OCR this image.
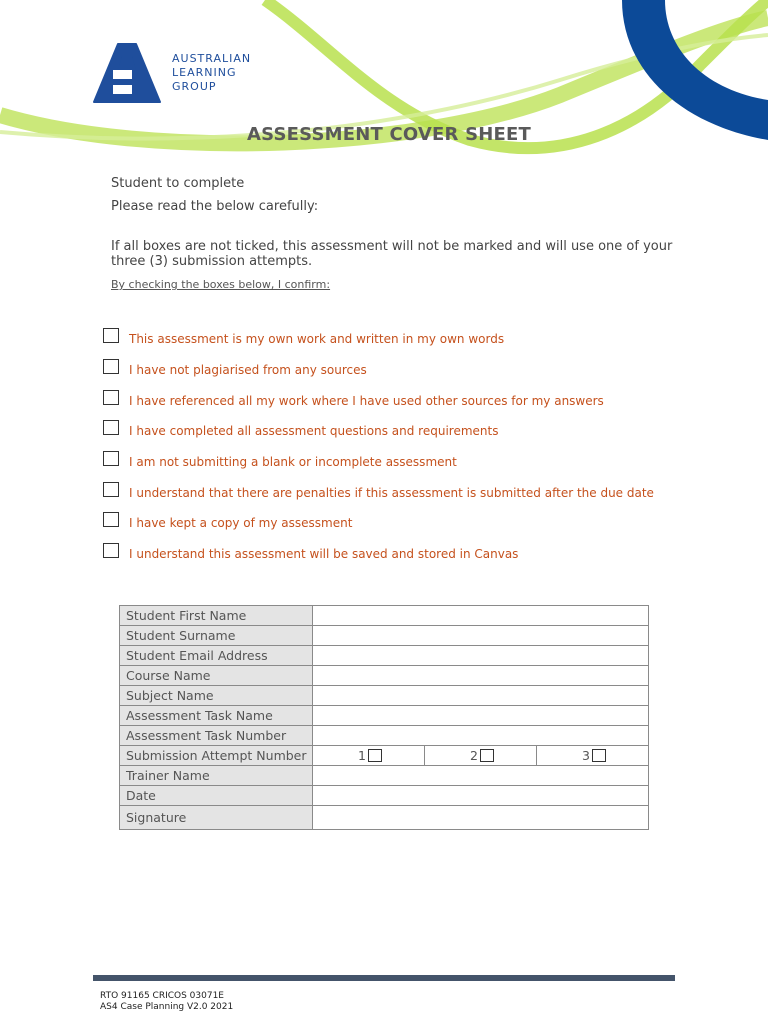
AUSTRALIAN
LEARNING
GROUP
ASSESSMENT COVER SHEET

Student to complete

Please read the below carefully:

If all boxes are not ticked, this assessment will not be marked and will use one of your three (3) submission attempts.

By checking the boxes below, I confirm:

This assessment is my own work and written in my own words
I have not plagiarised from any sources
I have referenced all my work where I have used other sources for my answers
I have completed all assessment questions and requirements
I am not submitting a blank or incomplete assessment
I understand that there are penalties if this assessment is submitted after the due date
I have kept a copy of my assessment
I understand this assessment will be saved and stored in Canvas
Student First Name			
Student Surname			
Student Email Address			
Course Name			
Subject Name			
Assessment Task Name			
Assessment Task Number			
Submission Attempt Number	1	2	3

Trainer Name			
Date			
Signature			
RTO 91165 CRICOS 03071E
AS4 Case Planning V2.0 2021
